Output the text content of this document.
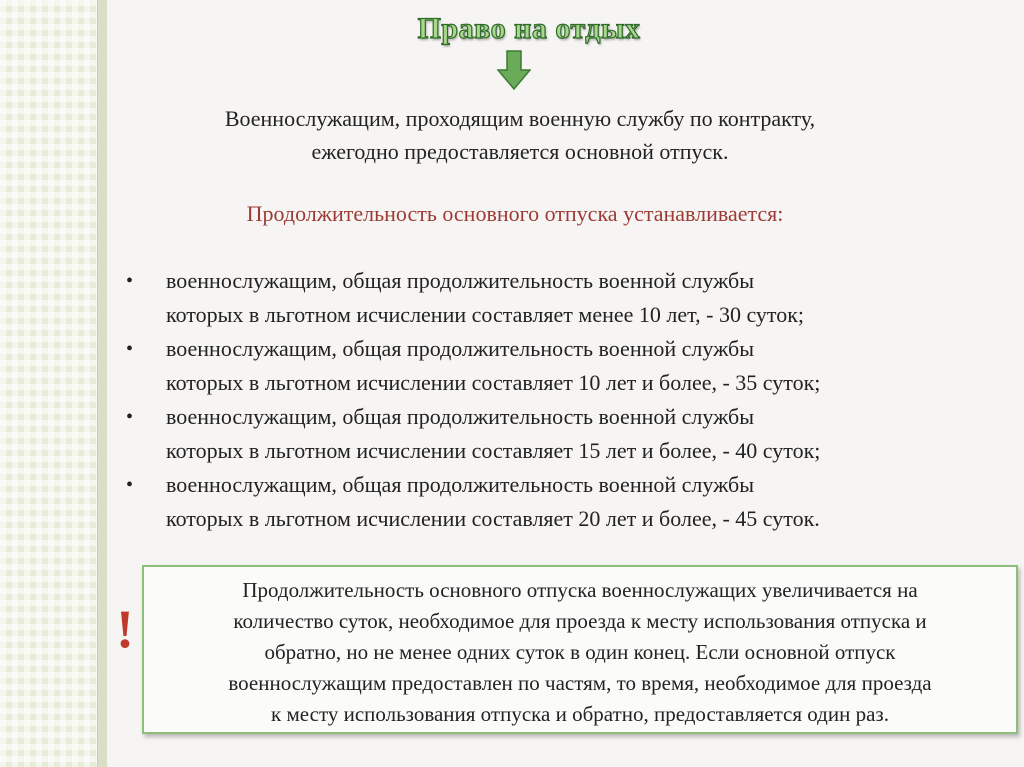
Право на отдых
Военнослужащим, проходящим военную службу по контракту,
ежегодно предоставляется основной отпуск.
Продолжительность основного отпуска устанавливается:
• военнослужащим, общая продолжительность военной службы
которых в льготном исчислении составляет менее 10 лет, - 30 суток;
• военнослужащим, общая продолжительность военной службы
которых в льготном исчислении составляет 10 лет и более, - 35 суток;
• военнослужащим, общая продолжительность военной службы
которых в льготном исчислении составляет 15 лет и более, - 40 суток;
• военнослужащим, общая продолжительность военной службы
которых в льготном исчислении составляет 20 лет и более, - 45 суток.
!
Продолжительность основного отпуска военнослужащих увеличивается на
количество суток, необходимое для проезда к месту использования отпуска и
обратно, но не менее одних суток в один конец. Если основной отпуск
военнослужащим предоставлен по частям, то время, необходимое для проезда
к месту использования отпуска и обратно, предоставляется один раз.
